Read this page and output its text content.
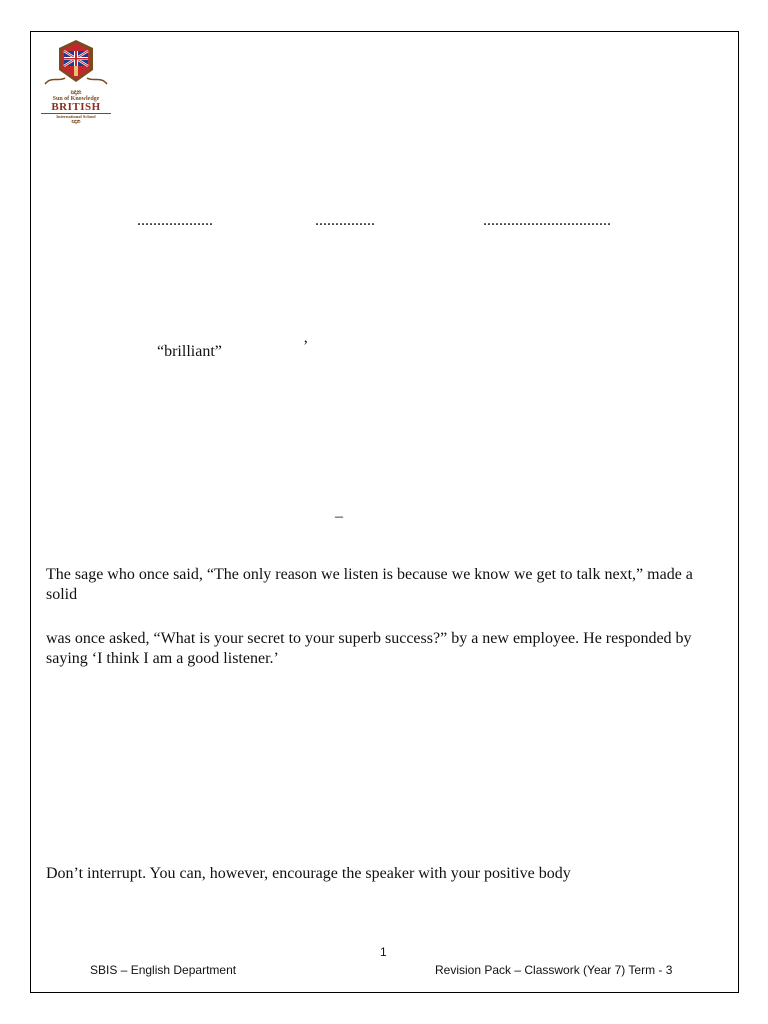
ඥාන
Sun of Knowledge
BRITISH
International School
ඥාන
...................	...............	................................
“brilliant”	’
–
The sage who once said, “The only reason we listen is because we know we get to talk next,” made a solid
was once asked, “What is your secret to your superb success?” by a new employee. He responded by saying ‘I think I am a good listener.’
Don’t interrupt. You can, however, encourage the speaker with your positive body
1
SBIS – English Department	Revision Pack – Classwork (Year 7) Term - 3
